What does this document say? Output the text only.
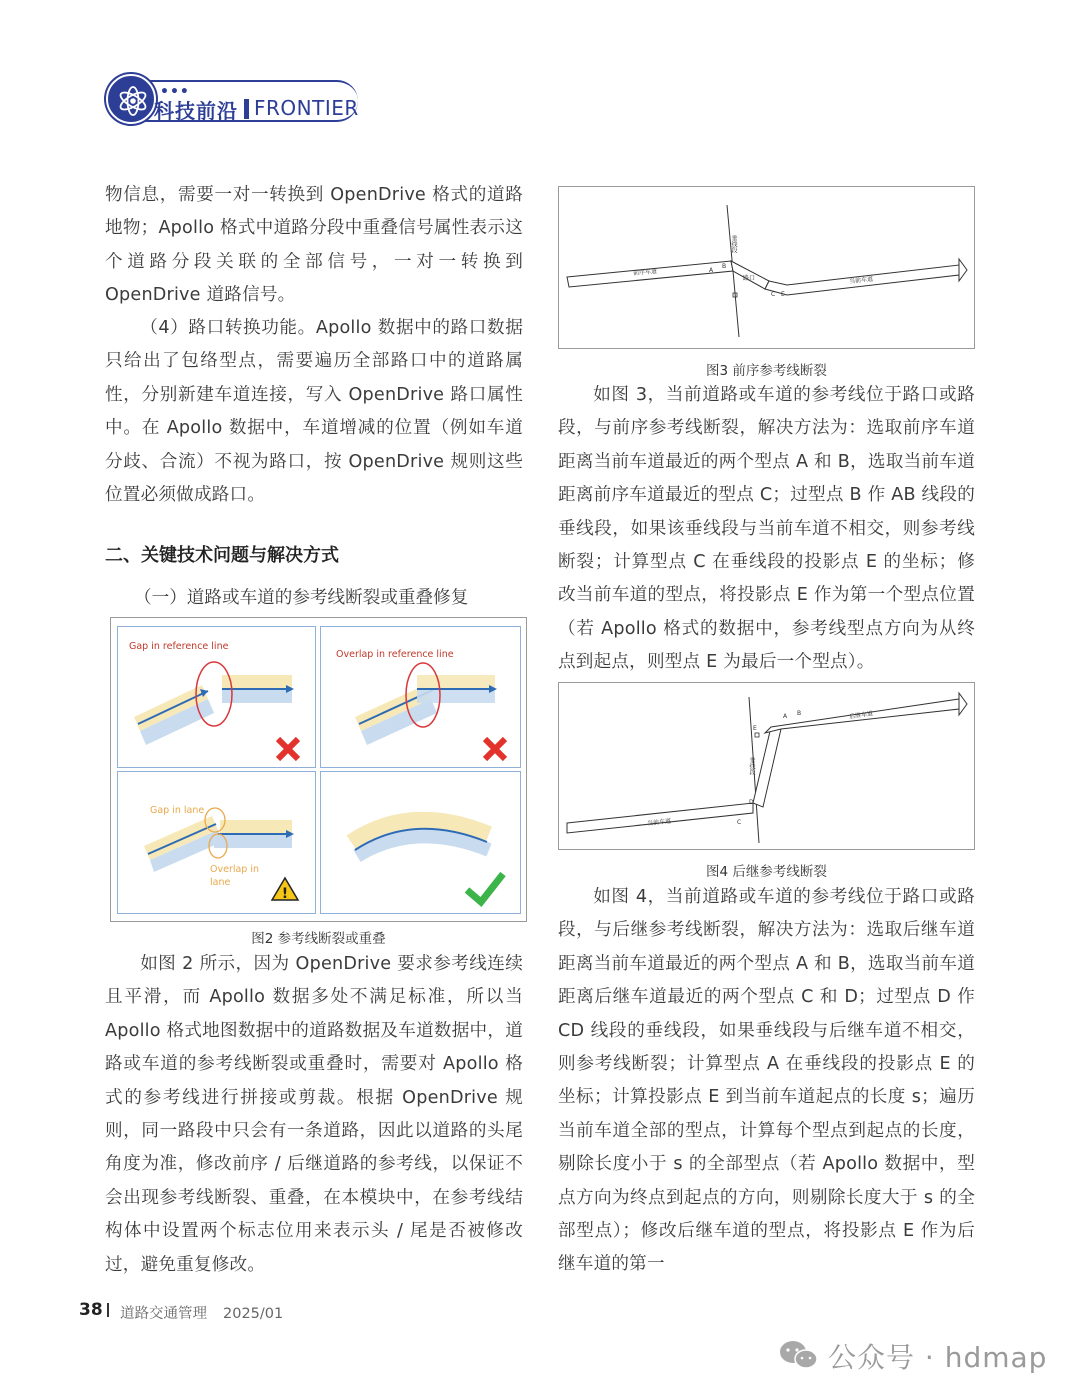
•••
科技前沿 FRONTIER
物信息，需要一对一转换到 OpenDrive 格式的道路地物；Apollo 格式中道路分段中重叠信号属性表示这个道路分段关联的全部信号，一对一转换到 OpenDrive 道路信号。
（4）路口转换功能。Apollo 数据中的路口数据只给出了包络型点，需要遍历全部路口中的道路属性，分别新建车道连接，写入 OpenDrive 路口属性中。在 Apollo 数据中，车道增减的位置（例如车道分歧、合流）不视为路口，按 OpenDrive 规则这些位置必须做成路口。
二、关键技术问题与解决方式
（一）道路或车道的参考线断裂或重叠修复
Gap in reference line
Overlap in reference line
Gap in lane
Overlap in
lane
!
图2 参考线断裂或重叠
如图 2 所示，因为 OpenDrive 要求参考线连续且平滑，而 Apollo 数据多处不满足标准，所以当 Apollo 格式地图数据中的道路数据及车道数据中，道路或车道的参考线断裂或重叠时，需要对 Apollo 格式的参考线进行拼接或剪裁。根据 OpenDrive 规则，同一路段中只会有一条道路，因此以道路的头尾角度为准，修改前序 / 后继道路的参考线，以保证不会出现参考线断裂、重叠，在本模块中，在参考线结构体中设置两个标志位用来表示头 / 尾是否被修改过，避免重复修改。
前序车道
路口	当前车道
垂线段
A
B
C E
图3 前序参考线断裂
如图 3，当前道路或车道的参考线位于路口或路段，与前序参考线断裂，解决方法为：选取前序车道距离当前车道最近的两个型点 A 和 B，选取当前车道距离前序车道最近的型点 C；过型点 B 作 AB 线段的垂线段，如果该垂线段与当前车道不相交，则参考线断裂；计算型点 C 在垂线段的投影点 E 的坐标；修改当前车道的型点，将投影点 E 作为第一个型点位置（若 Apollo 格式的数据中，参考线型点方向为从终点到起点，则型点 E 为最后一个型点）。
后继车道
当前车道
垂线段
A B
C
D
E
图4 后继参考线断裂
如图 4，当前道路或车道的参考线位于路口或路段，与后继参考线断裂，解决方法为：选取后继车道距离当前车道最近的两个型点 A 和 B，选取当前车道距离后继车道最近的两个型点 C 和 D；过型点 D 作 CD 线段的垂线段，如果垂线段与后继车道不相交，则参考线断裂；计算型点 A 在垂线段的投影点 E 的坐标；计算投影点 E 到当前车道起点的长度 s；遍历当前车道全部的型点，计算每个型点到起点的长度，剔除长度小于 s 的全部型点（若 Apollo 数据中，型点方向为终点到起点的方向，则剔除长度大于 s 的全部型点）；修改后继车道的型点，将投影点 E 作为后继车道的第一
38 道路交通管理 2025/01
公众号 · hdmap
